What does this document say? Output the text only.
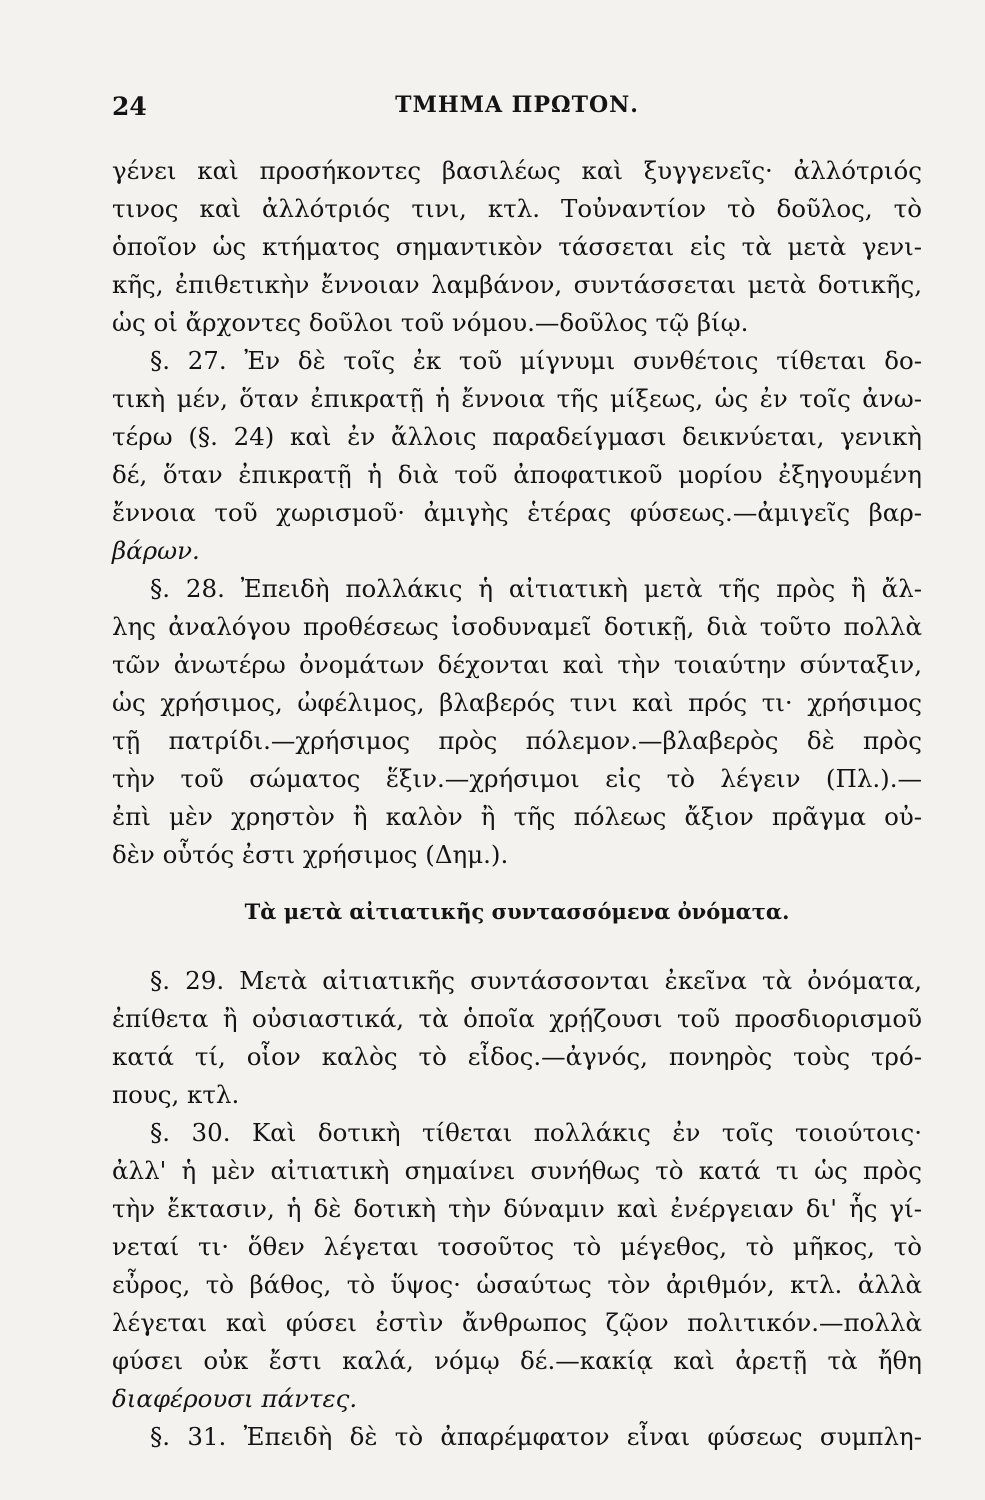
24	ΤΜΗΜΑ ΠΡΩΤΟΝ.
γένει καὶ προσήκοντες βασιλέως καὶ ξυγγενεῖς· ἀλλότριός
τινος καὶ ἀλλότριός τινι, κτλ. Τοὐναντίον τὸ δοῦλος, τὸ
ὁποῖον ὡς κτήματος σημαντικὸν τάσσεται εἰς τὰ μετὰ γενι-
κῆς, ἐπιθετικὴν ἔννοιαν λαμβάνον, συντάσσεται μετὰ δοτικῆς,
ὡς οἱ ἄρχοντες δοῦλοι τοῦ νόμου.—δοῦλος τῷ βίῳ.
§. 27. Ἐν δὲ τοῖς ἐκ τοῦ μίγνυμι συνθέτοις τίθεται δο-
τικὴ μέν, ὅταν ἐπικρατῇ ἡ ἔννοια τῆς μίξεως, ὡς ἐν τοῖς ἀνω-
τέρω (§. 24) καὶ ἐν ἄλλοις παραδείγμασι δεικνύεται, γενικὴ
δέ, ὅταν ἐπικρατῇ ἡ διὰ τοῦ ἀποφατικοῦ μορίου ἐξηγουμένη
ἔννοια τοῦ χωρισμοῦ· ἀμιγὴς ἑτέρας φύσεως.—ἀμιγεῖς βαρ-
βάρων.
§. 28. Ἐπειδὴ πολλάκις ἡ αἰτιατικὴ μετὰ τῆς πρὸς ἢ ἄλ-
λης ἀναλόγου προθέσεως ἰσοδυναμεῖ δοτικῇ, διὰ τοῦτο πολλὰ
τῶν ἀνωτέρω ὀνομάτων δέχονται καὶ τὴν τοιαύτην σύνταξιν,
ὡς χρήσιμος, ὠφέλιμος, βλαβερός τινι καὶ πρός τι· χρήσιμος
τῇ πατρίδι.—χρήσιμος πρὸς πόλεμον.—βλαβερὸς δὲ πρὸς
τὴν τοῦ σώματος ἕξιν.—χρήσιμοι εἰς τὸ λέγειν (Πλ.).—
ἐπὶ μὲν χρηστὸν ἢ καλὸν ἢ τῆς πόλεως ἄξιον πρᾶγμα οὐ-
δὲν οὗτός ἐστι χρήσιμος (Δημ.).
Τὰ μετὰ αἰτιατικῆς συντασσόμενα ὀνόματα.
§. 29. Μετὰ αἰτιατικῆς συντάσσονται ἐκεῖνα τὰ ὀνόματα,
ἐπίθετα ἢ οὐσιαστικά, τὰ ὁποῖα χρῄζουσι τοῦ προσδιορισμοῦ
κατά τί, οἷον καλὸς τὸ εἶδος.—ἀγνός, πονηρὸς τοὺς τρό-
πους, κτλ.
§. 30. Καὶ δοτικὴ τίθεται πολλάκις ἐν τοῖς τοιούτοις·
ἀλλ' ἡ μὲν αἰτιατικὴ σημαίνει συνήθως τὸ κατά τι ὡς πρὸς
τὴν ἔκτασιν, ἡ δὲ δοτικὴ τὴν δύναμιν καὶ ἐνέργειαν δι' ἧς γί-
νεταί τι· ὅθεν λέγεται τοσοῦτος τὸ μέγεθος, τὸ μῆκος, τὸ
εὖρος, τὸ βάθος, τὸ ὕψος· ὡσαύτως τὸν ἀριθμόν, κτλ. ἀλλὰ
λέγεται καὶ φύσει ἐστὶν ἄνθρωπος ζῷον πολιτικόν.—πολλὰ
φύσει οὐκ ἔστι καλά, νόμῳ δέ.—κακίᾳ καὶ ἀρετῇ τὰ ἤθη
διαφέρουσι πάντες.
§. 31. Ἐπειδὴ δὲ τὸ ἀπαρέμφατον εἶναι φύσεως συμπλη-
